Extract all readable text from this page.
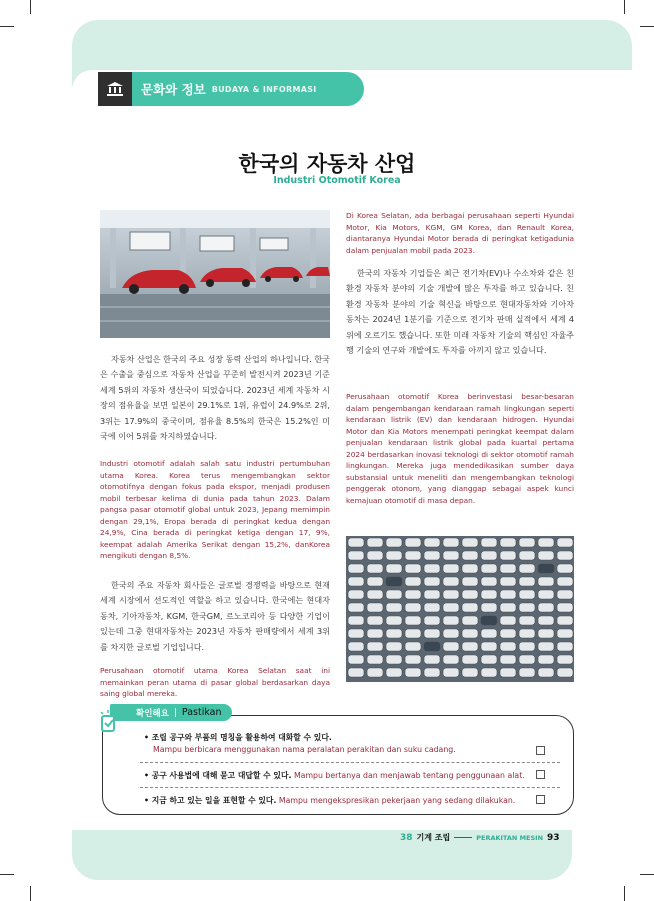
문화와 정보 BUDAYA & INFORMASI
한국의 자동차 산업
Industri Otomotif Korea
자동차 산업은 한국의 주요 성장 동력 산업의 하나입니다. 한국은 수출을 중심으로 자동차 산업을 꾸준히 발전시켜 2023년 기준 세계 5위의 자동차 생산국이 되었습니다. 2023년 세계 자동차 시장의 점유율을 보면 일본이 29.1%로 1위, 유럽이 24.9%로 2위, 3위는 17.9%의 중국이며, 점유율 8.5%의 한국은 15.2%인 미국에 이어 5위를 차지하였습니다.
Industri otomotif adalah salah satu industri pertumbuhan utama Korea. Korea terus mengembangkan sektor otomotifnya dengan fokus pada ekspor, menjadi produsen mobil terbesar kelima di dunia pada tahun 2023. Dalam pangsa pasar otomotif global untuk 2023, Jepang memimpin dengan 29,1%, Eropa berada di peringkat kedua dengan 24,9%, Cina berada di peringkat ketiga dengan 17, 9%, keempat adalah Amerika Serikat dengan 15,2%, danKorea mengikuti dengan 8,5%.
한국의 주요 자동차 회사들은 글로벌 경쟁력을 바탕으로 현재 세계 시장에서 선도적인 역할을 하고 있습니다. 한국에는 현대자동차, 기아자동차, KGM, 한국GM, 르노코리아 등 다양한 기업이 있는데 그중 현대자동차는 2023년 자동차 판매량에서 세계 3위를 차지한 글로벌 기업입니다.
Perusahaan otomotif utama Korea Selatan saat ini memainkan peran utama di pasar global berdasarkan daya saing global mereka.
Di Korea Selatan, ada berbagai perusahaan seperti Hyundai Motor, Kia Motors, KGM, GM Korea, dan Renault Korea, diantaranya Hyundai Motor berada di peringkat ketigadunia dalam penjualan mobil pada 2023.
한국의 자동차 기업들은 최근 전기차(EV)나 수소차와 같은 친환경 자동차 분야의 기술 개발에 많은 투자를 하고 있습니다. 친환경 자동차 분야의 기술 혁신을 바탕으로 현대자동차와 기아자동차는 2024년 1분기를 기준으로 전기차 판매 실적에서 세계 4위에 오르기도 했습니다. 또한 미래 자동차 기술의 핵심인 자율주행 기술의 연구와 개발에도 투자를 아끼지 않고 있습니다.
Perusahaan otomotif Korea berinvestasi besar-besaran dalam pengembangan kendaraan ramah lingkungan seperti kendaraan listrik (EV) dan kendaraan hidrogen. Hyundai Motor dan Kia Motors menempati peringkat keempat dalam penjualan kendaraan listrik global pada kuartal pertama 2024 berdasarkan inovasi teknologi di sektor otomotif ramah lingkungan. Mereka juga mendedikasikan sumber daya substansial untuk meneliti dan mengembangkan teknologi penggerak otonom, yang dianggap sebagai aspek kunci kemajuan otomotif di masa depan.
확인해요 | Pastikan
• 조립 공구와 부품의 명칭을 활용하여 대화할 수 있다.
Mampu berbicara menggunakan nama peralatan perakitan dan suku cadang.
• 공구 사용법에 대해 묻고 대답할 수 있다. Mampu bertanya dan menjawab tentang penggunaan alat.
• 지금 하고 있는 일을 표현할 수 있다. Mampu mengekspresikan pekerjaan yang sedang dilakukan.
38 기계 조립	PERAKITAN MESIN 93
